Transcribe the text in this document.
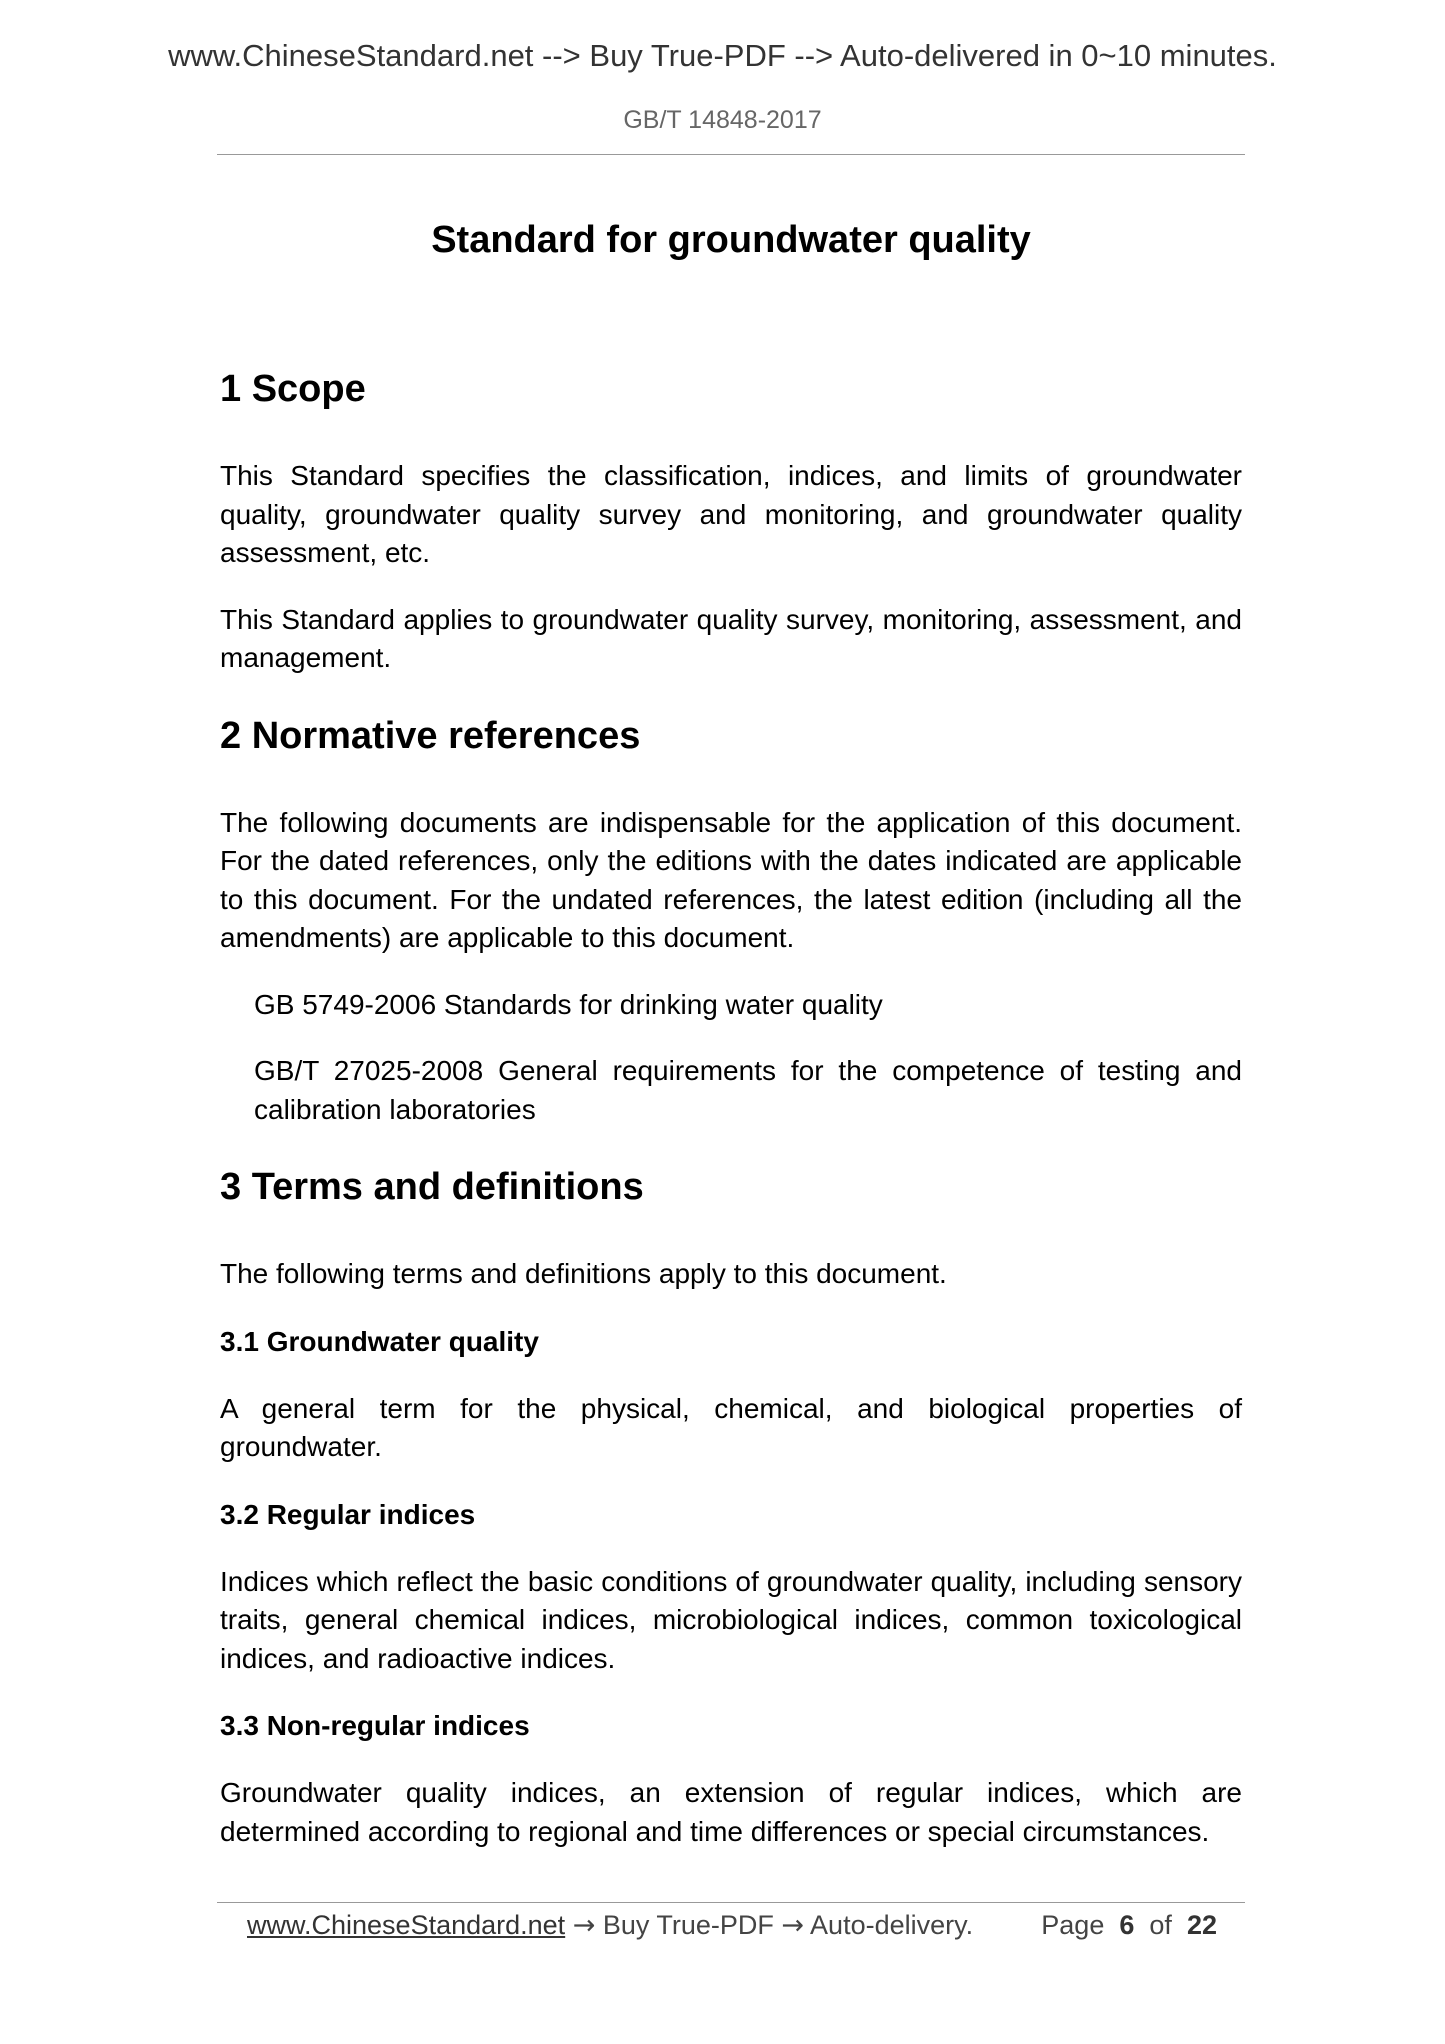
www.ChineseStandard.net --> Buy True-PDF --> Auto-delivered in 0~10 minutes.
GB/T 14848-2017
Standard for groundwater quality
1 Scope

This Standard specifies the classification, indices, and limits of groundwater quality, groundwater quality survey and monitoring, and groundwater quality assessment, etc.

This Standard applies to groundwater quality survey, monitoring, assessment, and management.

2 Normative references

The following documents are indispensable for the application of this document. For the dated references, only the editions with the dates indicated are applicable to this document. For the undated references, the latest edition (including all the amendments) are applicable to this document.

GB 5749-2006 Standards for drinking water quality

GB/T 27025-2008 General requirements for the competence of testing and calibration laboratories

3 Terms and definitions

The following terms and definitions apply to this document.

3.1 Groundwater quality

A general term for the physical, chemical, and biological properties of groundwater.

3.2 Regular indices

Indices which reflect the basic conditions of groundwater quality, including sensory traits, general chemical indices, microbiological indices, common toxicological indices, and radioactive indices.

3.3 Non-regular indices

Groundwater quality indices, an extension of regular indices, which are determined according to regional and time differences or special circumstances.

www.ChineseStandard.net → Buy True-PDF → Auto-delivery.	Page 6 of 22
